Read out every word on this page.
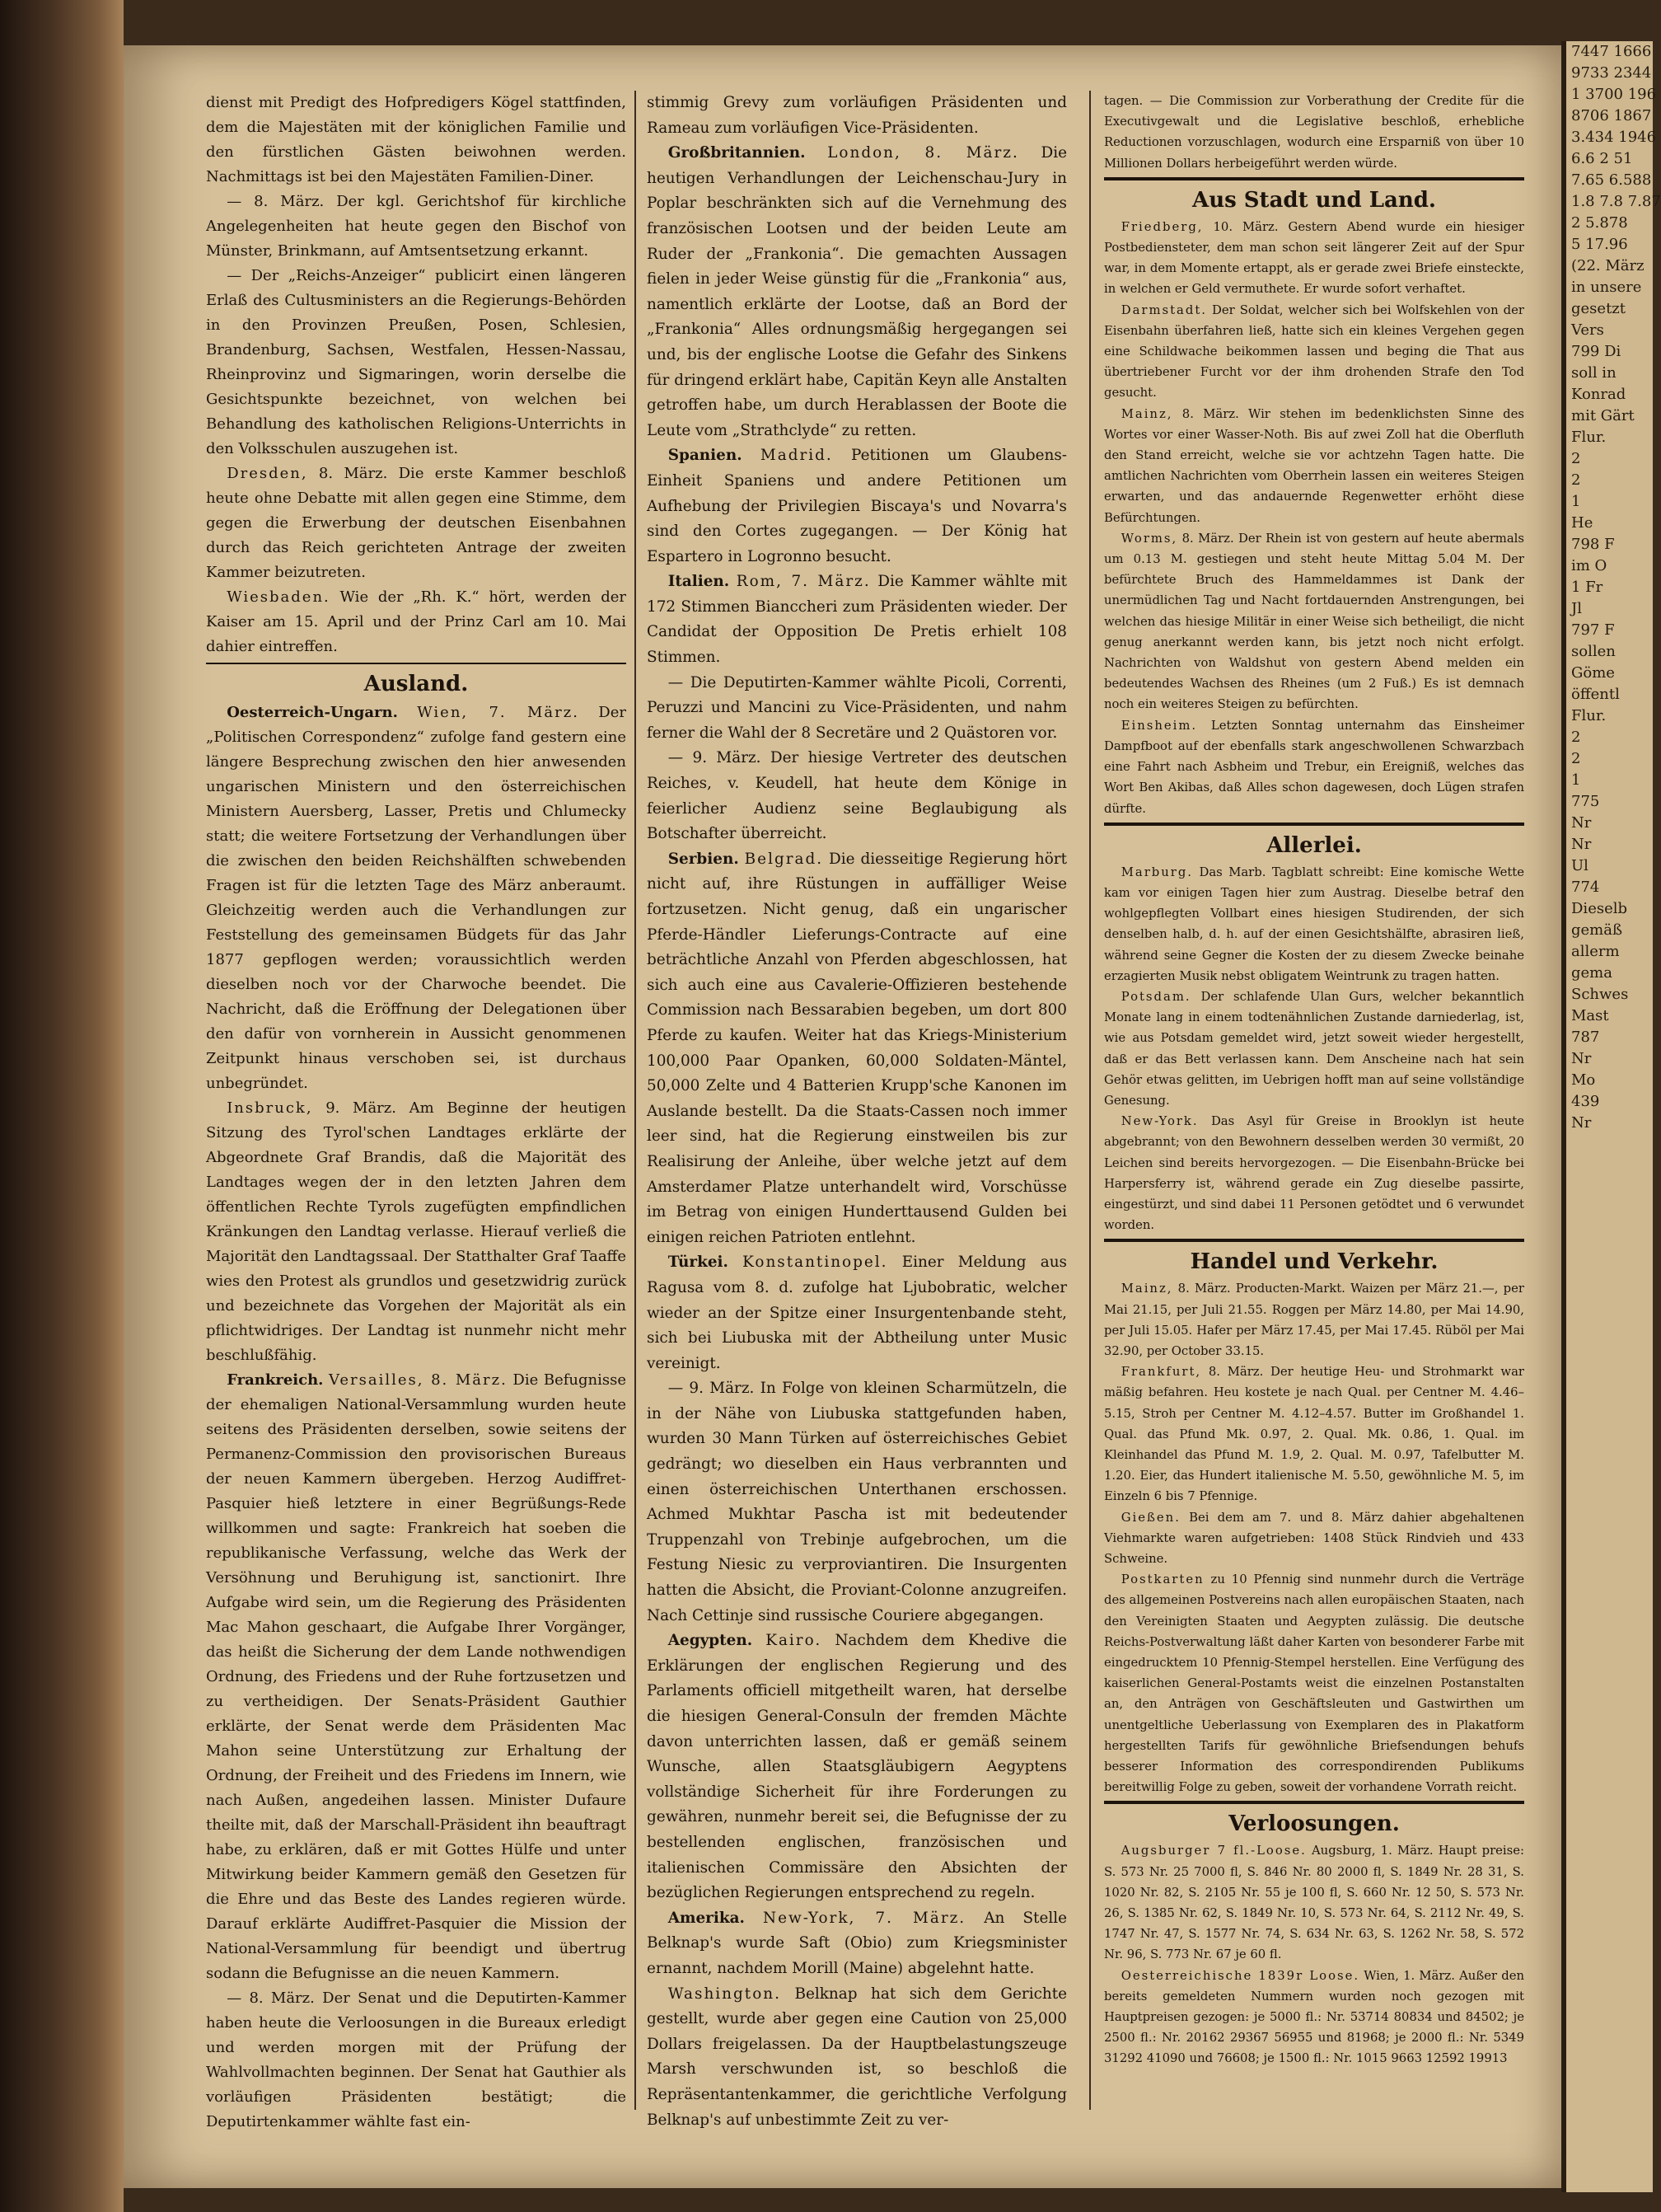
dienst mit Predigt des Hofpredigers Kögel stattfinden, dem die Majestäten mit der königlichen Familie und den fürstlichen Gästen beiwohnen werden. Nachmittags ist bei den Majestäten Familien-Diner.

— 8. März. Der kgl. Gerichtshof für kirchliche Angelegenheiten hat heute gegen den Bischof von Münster, Brinkmann, auf Amtsentsetzung erkannt.

— Der „Reichs-Anzeiger“ publicirt einen längeren Erlaß des Cultusministers an die Regierungs-Behörden in den Provinzen Preußen, Posen, Schlesien, Brandenburg, Sachsen, Westfalen, Hessen-Nassau, Rheinprovinz und Sigmaringen, worin derselbe die Gesichtspunkte bezeichnet, von welchen bei Behandlung des katholischen Religions-Unterrichts in den Volksschulen auszugehen ist.

Dresden, 8. März. Die erste Kammer beschloß heute ohne Debatte mit allen gegen eine Stimme, dem gegen die Erwerbung der deutschen Eisenbahnen durch das Reich gerichteten Antrage der zweiten Kammer beizutreten.

Wiesbaden. Wie der „Rh. K.“ hört, werden der Kaiser am 15. April und der Prinz Carl am 10. Mai dahier eintreffen.

Ausland.

Oesterreich-Ungarn. Wien, 7. März. Der „Politischen Correspondenz“ zufolge fand gestern eine längere Besprechung zwischen den hier anwesenden ungarischen Ministern und den österreichischen Ministern Auersberg, Lasser, Pretis und Chlumecky statt; die weitere Fortsetzung der Verhandlungen über die zwischen den beiden Reichshälften schwebenden Fragen ist für die letzten Tage des März anberaumt. Gleichzeitig werden auch die Verhandlungen zur Feststellung des gemeinsamen Büdgets für das Jahr 1877 gepflogen werden; voraussichtlich werden dieselben noch vor der Charwoche beendet. Die Nachricht, daß die Eröffnung der Delegationen über den dafür von vornherein in Aussicht genommenen Zeitpunkt hinaus verschoben sei, ist durchaus unbegründet.

Insbruck, 9. März. Am Beginne der heutigen Sitzung des Tyrol'schen Landtages erklärte der Abgeordnete Graf Brandis, daß die Majorität des Landtages wegen der in den letzten Jahren dem öffentlichen Rechte Tyrols zugefügten empfindlichen Kränkungen den Landtag verlasse. Hierauf verließ die Majorität den Landtagssaal. Der Statthalter Graf Taaffe wies den Protest als grundlos und gesetzwidrig zurück und bezeichnete das Vorgehen der Majorität als ein pflichtwidriges. Der Landtag ist nunmehr nicht mehr beschlußfähig.

Frankreich. Versailles, 8. März. Die Befugnisse der ehemaligen National-Versammlung wurden heute seitens des Präsidenten derselben, sowie seitens der Permanenz-Commission den provisorischen Bureaus der neuen Kammern übergeben. Herzog Audiffret-Pasquier hieß letztere in einer Begrüßungs-Rede willkommen und sagte: Frankreich hat soeben die republikanische Verfassung, welche das Werk der Versöhnung und Beruhigung ist, sanctionirt. Ihre Aufgabe wird sein, um die Regierung des Präsidenten Mac Mahon geschaart, die Aufgabe Ihrer Vorgänger, das heißt die Sicherung der dem Lande nothwendigen Ordnung, des Friedens und der Ruhe fortzusetzen und zu vertheidigen. Der Senats-Präsident Gauthier erklärte, der Senat werde dem Präsidenten Mac Mahon seine Unterstützung zur Erhaltung der Ordnung, der Freiheit und des Friedens im Innern, wie nach Außen, angedeihen lassen. Minister Dufaure theilte mit, daß der Marschall-Präsident ihn beauftragt habe, zu erklären, daß er mit Gottes Hülfe und unter Mitwirkung beider Kammern gemäß den Gesetzen für die Ehre und das Beste des Landes regieren würde. Darauf erklärte Audiffret-Pasquier die Mission der National-Versammlung für beendigt und übertrug sodann die Befugnisse an die neuen Kammern.

— 8. März. Der Senat und die Deputirten-Kammer haben heute die Verloosungen in die Bureaux erledigt und werden morgen mit der Prüfung der Wahlvollmachten beginnen. Der Senat hat Gauthier als vorläufigen Präsidenten bestätigt; die Deputirtenkammer wählte fast ein-

stimmig Grevy zum vorläufigen Präsidenten und Rameau zum vorläufigen Vice-Präsidenten.

Großbritannien. London, 8. März. Die heutigen Verhandlungen der Leichenschau-Jury in Poplar beschränkten sich auf die Vernehmung des französischen Lootsen und der beiden Leute am Ruder der „Frankonia“. Die gemachten Aussagen fielen in jeder Weise günstig für die „Frankonia“ aus, namentlich erklärte der Lootse, daß an Bord der „Frankonia“ Alles ordnungsmäßig hergegangen sei und, bis der englische Lootse die Gefahr des Sinkens für dringend erklärt habe, Capitän Keyn alle Anstalten getroffen habe, um durch Herablassen der Boote die Leute vom „Strathclyde“ zu retten.

Spanien. Madrid. Petitionen um Glaubens-Einheit Spaniens und andere Petitionen um Aufhebung der Privilegien Biscaya's und Novarra's sind den Cortes zugegangen. — Der König hat Espartero in Logronno besucht.

Italien. Rom, 7. März. Die Kammer wählte mit 172 Stimmen Bianccheri zum Präsidenten wieder. Der Candidat der Opposition De Pretis erhielt 108 Stimmen.

— Die Deputirten-Kammer wählte Picoli, Correnti, Peruzzi und Mancini zu Vice-Präsidenten, und nahm ferner die Wahl der 8 Secretäre und 2 Quästoren vor.

— 9. März. Der hiesige Vertreter des deutschen Reiches, v. Keudell, hat heute dem Könige in feierlicher Audienz seine Beglaubigung als Botschafter überreicht.

Serbien. Belgrad. Die diesseitige Regierung hört nicht auf, ihre Rüstungen in auffälliger Weise fortzusetzen. Nicht genug, daß ein ungarischer Pferde-Händler Lieferungs-Contracte auf eine beträchtliche Anzahl von Pferden abgeschlossen, hat sich auch eine aus Cavalerie-Offizieren bestehende Commission nach Bessarabien begeben, um dort 800 Pferde zu kaufen. Weiter hat das Kriegs-Ministerium 100,000 Paar Opanken, 60,000 Soldaten-Mäntel, 50,000 Zelte und 4 Batterien Krupp'sche Kanonen im Auslande bestellt. Da die Staats-Cassen noch immer leer sind, hat die Regierung einstweilen bis zur Realisirung der Anleihe, über welche jetzt auf dem Amsterdamer Platze unterhandelt wird, Vorschüsse im Betrag von einigen Hunderttausend Gulden bei einigen reichen Patrioten entlehnt.

Türkei. Konstantinopel. Einer Meldung aus Ragusa vom 8. d. zufolge hat Ljubobratic, welcher wieder an der Spitze einer Insurgentenbande steht, sich bei Liubuska mit der Abtheilung unter Music vereinigt.

— 9. März. In Folge von kleinen Scharmützeln, die in der Nähe von Liubuska stattgefunden haben, wurden 30 Mann Türken auf österreichisches Gebiet gedrängt; wo dieselben ein Haus verbrannten und einen österreichischen Unterthanen erschossen. Achmed Mukhtar Pascha ist mit bedeutender Truppenzahl von Trebinje aufgebrochen, um die Festung Niesic zu verproviantiren. Die Insurgenten hatten die Absicht, die Proviant-Colonne anzugreifen. Nach Cettinje sind russische Couriere abgegangen.

Aegypten. Kairo. Nachdem dem Khedive die Erklärungen der englischen Regierung und des Parlaments officiell mitgetheilt waren, hat derselbe die hiesigen General-Consuln der fremden Mächte davon unterrichten lassen, daß er gemäß seinem Wunsche, allen Staatsgläubigern Aegyptens vollständige Sicherheit für ihre Forderungen zu gewähren, nunmehr bereit sei, die Befugnisse der zu bestellenden englischen, französischen und italienischen Commissäre den Absichten der bezüglichen Regierungen entsprechend zu regeln.

Amerika. New-York, 7. März. An Stelle Belknap's wurde Saft (Obio) zum Kriegsminister ernannt, nachdem Morill (Maine) abgelehnt hatte.

Washington. Belknap hat sich dem Gerichte gestellt, wurde aber gegen eine Caution von 25,000 Dollars freigelassen. Da der Hauptbelastungszeuge Marsh verschwunden ist, so beschloß die Repräsentantenkammer, die gerichtliche Verfolgung Belknap's auf unbestimmte Zeit zu ver-

tagen. — Die Commission zur Vorberathung der Credite für die Executivgewalt und die Legislative beschloß, erhebliche Reductionen vorzuschlagen, wodurch eine Ersparniß von über 10 Millionen Dollars herbeigeführt werden würde.

Aus Stadt und Land.

Friedberg, 10. März. Gestern Abend wurde ein hiesiger Postbediensteter, dem man schon seit längerer Zeit auf der Spur war, in dem Momente ertappt, als er gerade zwei Briefe einsteckte, in welchen er Geld vermuthete. Er wurde sofort verhaftet.

Darmstadt. Der Soldat, welcher sich bei Wolfskehlen von der Eisenbahn überfahren ließ, hatte sich ein kleines Vergehen gegen eine Schildwache beikommen lassen und beging die That aus übertriebener Furcht vor der ihm drohenden Strafe den Tod gesucht.

Mainz, 8. März. Wir stehen im bedenklichsten Sinne des Wortes vor einer Wasser-Noth. Bis auf zwei Zoll hat die Oberfluth den Stand erreicht, welche sie vor achtzehn Tagen hatte. Die amtlichen Nachrichten vom Oberrhein lassen ein weiteres Steigen erwarten, und das andauernde Regenwetter erhöht diese Befürchtungen.

Worms, 8. März. Der Rhein ist von gestern auf heute abermals um 0.13 M. gestiegen und steht heute Mittag 5.04 M. Der befürchtete Bruch des Hammeldammes ist Dank der unermüdlichen Tag und Nacht fortdauernden Anstrengungen, bei welchen das hiesige Militär in einer Weise sich betheiligt, die nicht genug anerkannt werden kann, bis jetzt noch nicht erfolgt. Nachrichten von Waldshut von gestern Abend melden ein bedeutendes Wachsen des Rheines (um 2 Fuß.) Es ist demnach noch ein weiteres Steigen zu befürchten.

Einsheim. Letzten Sonntag unternahm das Einsheimer Dampfboot auf der ebenfalls stark angeschwollenen Schwarzbach eine Fahrt nach Asbheim und Trebur, ein Ereigniß, welches das Wort Ben Akibas, daß Alles schon dagewesen, doch Lügen strafen dürfte.

Allerlei.

Marburg. Das Marb. Tagblatt schreibt: Eine komische Wette kam vor einigen Tagen hier zum Austrag. Dieselbe betraf den wohlgepflegten Vollbart eines hiesigen Studirenden, der sich denselben halb, d. h. auf der einen Gesichtshälfte, abrasiren ließ, während seine Gegner die Kosten der zu diesem Zwecke beinahe erzagierten Musik nebst obligatem Weintrunk zu tragen hatten.

Potsdam. Der schlafende Ulan Gurs, welcher bekanntlich Monate lang in einem todtenähnlichen Zustande darniederlag, ist, wie aus Potsdam gemeldet wird, jetzt soweit wieder hergestellt, daß er das Bett verlassen kann. Dem Anscheine nach hat sein Gehör etwas gelitten, im Uebrigen hofft man auf seine vollständige Genesung.

New-York. Das Asyl für Greise in Brooklyn ist heute abgebrannt; von den Bewohnern desselben werden 30 vermißt, 20 Leichen sind bereits hervorgezogen. — Die Eisenbahn-Brücke bei Harpersferry ist, während gerade ein Zug dieselbe passirte, eingestürzt, und sind dabei 11 Personen getödtet und 6 verwundet worden.

Handel und Verkehr.

Mainz, 8. März. Producten-Markt. Waizen per März 21.—, per Mai 21.15, per Juli 21.55. Roggen per März 14.80, per Mai 14.90, per Juli 15.05. Hafer per März 17.45, per Mai 17.45. Rüböl per Mai 32.90, per October 33.15.

Frankfurt, 8. März. Der heutige Heu- und Strohmarkt war mäßig befahren. Heu kostete je nach Qual. per Centner M. 4.46–5.15, Stroh per Centner M. 4.12–4.57. Butter im Großhandel 1. Qual. das Pfund Mk. 0.97, 2. Qual. Mk. 0.86, 1. Qual. im Kleinhandel das Pfund M. 1.9, 2. Qual. M. 0.97, Tafelbutter M. 1.20. Eier, das Hundert italienische M. 5.50, gewöhnliche M. 5, im Einzeln 6 bis 7 Pfennige.

Gießen. Bei dem am 7. und 8. März dahier abgehaltenen Viehmarkte waren aufgetrieben: 1408 Stück Rindvieh und 433 Schweine.

Postkarten zu 10 Pfennig sind nunmehr durch die Verträge des allgemeinen Postvereins nach allen europäischen Staaten, nach den Vereinigten Staaten und Aegypten zulässig. Die deutsche Reichs-Postverwaltung läßt daher Karten von besonderer Farbe mit eingedrucktem 10 Pfennig-Stempel herstellen. Eine Verfügung des kaiserlichen General-Postamts weist die einzelnen Postanstalten an, den Anträgen von Geschäftsleuten und Gastwirthen um unentgeltliche Ueberlassung von Exemplaren des in Plakatform hergestellten Tarifs für gewöhnliche Briefsendungen behufs besserer Information des correspondirenden Publikums bereitwillig Folge zu geben, soweit der vorhandene Vorrath reicht.

Verloosungen.

Augsburger 7 fl.-Loose. Augsburg, 1. März. Haupt preise: S. 573 Nr. 25 7000 fl, S. 846 Nr. 80 2000 fl, S. 1849 Nr. 28 31, S. 1020 Nr. 82, S. 2105 Nr. 55 je 100 fl, S. 660 Nr. 12 50, S. 573 Nr. 26, S. 1385 Nr. 62, S. 1849 Nr. 10, S. 573 Nr. 64, S. 2112 Nr. 49, S. 1747 Nr. 47, S. 1577 Nr. 74, S. 634 Nr. 63, S. 1262 Nr. 58, S. 572 Nr. 96, S. 773 Nr. 67 je 60 fl.

Oesterreichische 1839r Loose. Wien, 1. März. Außer den bereits gemeldeten Nummern wurden noch gezogen mit Hauptpreisen gezogen: je 5000 fl.: Nr. 53714 80834 und 84502; je 2500 fl.: Nr. 20162 29367 56955 und 81968; je 2000 fl.: Nr. 5349 31292 41090 und 76608; je 1500 fl.: Nr. 1015 9663 12592 19913

7447 1666
9733 2344
1 3700 196
8706 1867
3.434 1946
6.6 2 51
7.65 6.588
1.8 7.8 7.87
2 5.878
5 17.96
(22. März
in unsere
gesetzt
Vers
799 Di
soll in
Konrad
mit Gärt
Flur.
2
2
1
He
798 F
im O
1 Fr
Jl
797 F
sollen
Göme
öffentl
Flur.
2
2
1
775
Nr
Nr
Ul
774
Dieselb
gemäß
allerm
gema
Schwes
Mast
787
Nr
Mo
439
Nr
